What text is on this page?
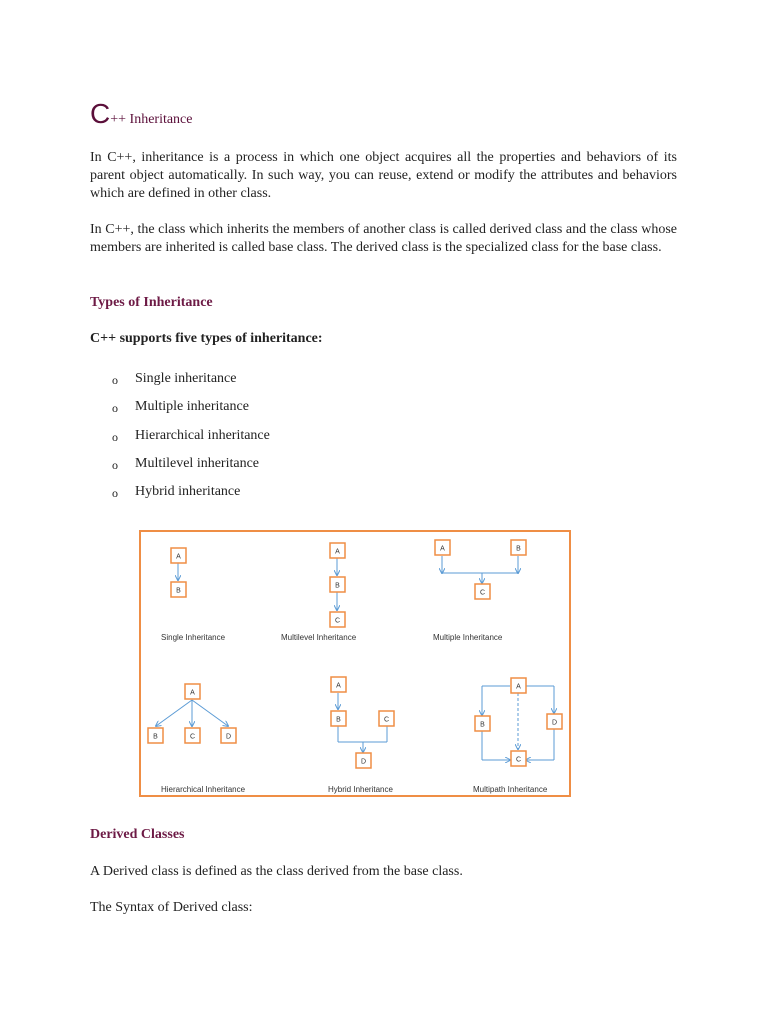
C++ Inheritance

In C++, inheritance is a process in which one object acquires all the properties and behaviors of its parent object automatically. In such way, you can reuse, extend or modify the attributes and behaviors which are defined in other class.

In C++, the class which inherits the members of another class is called derived class and the class whose members are inherited is called base class. The derived class is the specialized class for the base class.

Types of Inheritance
C++ supports five types of inheritance:
o	Single inheritance
o	Multiple inheritance
o	Hierarchical inheritance
o	Multilevel inheritance
o	Hybrid inheritance
Derived Classes

A Derived class is defined as the class derived from the base class.

The Syntax of Derived class:

A
B
A
B
C
A	B
C
A
B	C	D
A
B	C
D
A
B	D
C
Single Inheritance	Multilevel Inheritance	Multiple Inheritance
Hierarchical Inheritance	Hybrid Inheritance	Multipath Inheritance
